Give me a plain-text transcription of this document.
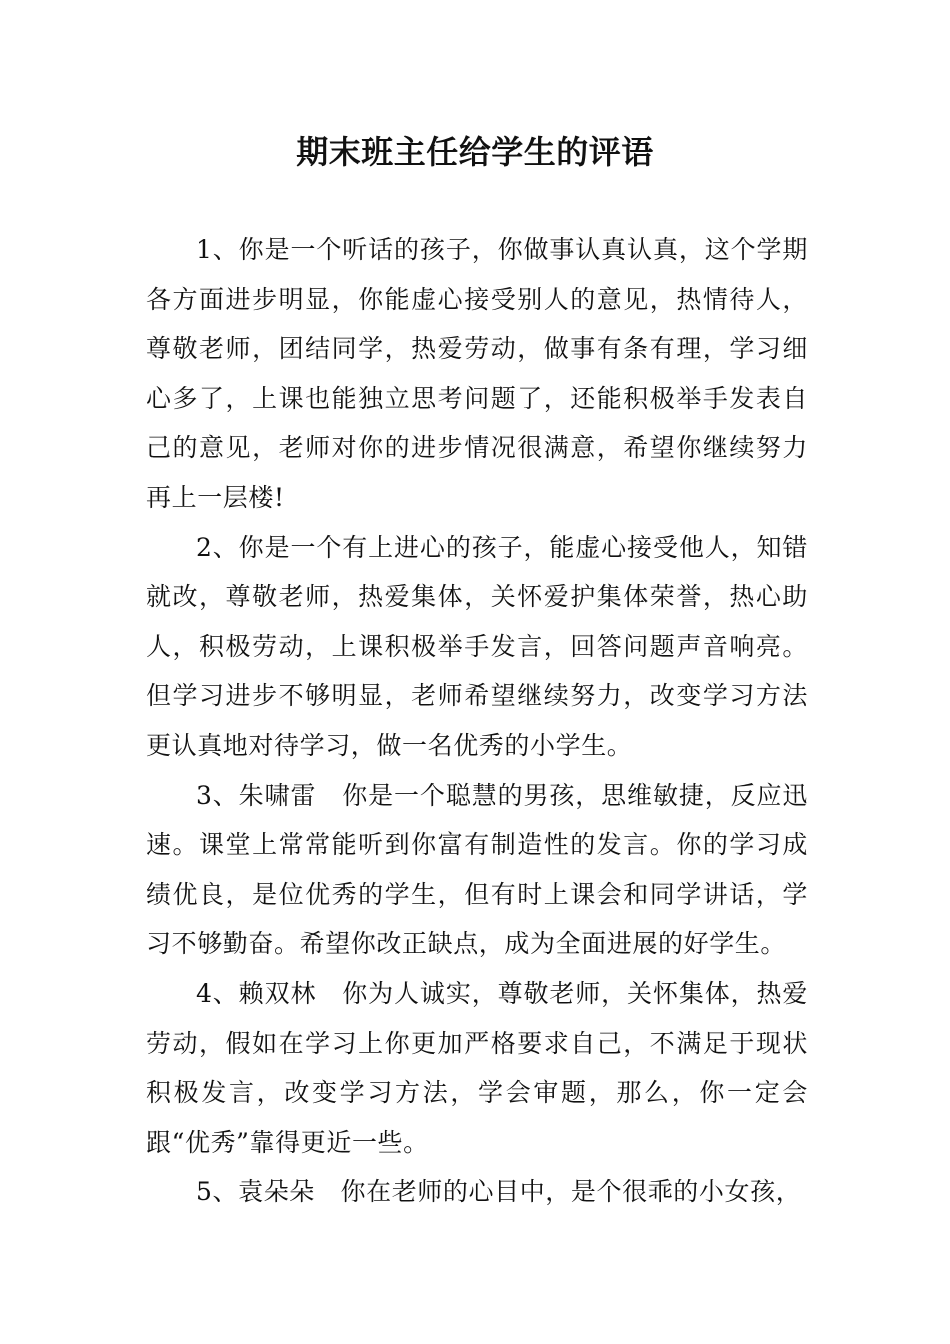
期末班主任给学生的评语

1、你是一个听话的孩子，你做事认真认真，这个学期各方面进步明显，你能虚心接受别人的意见，热情待人，尊敬老师，团结同学，热爱劳动，做事有条有理，学习细心多了，上课也能独立思考问题了，还能积极举手发表自己的意见，老师对你的进步情况很满意，希望你继续努力再上一层楼!

2、你是一个有上进心的孩子，能虚心接受他人，知错就改，尊敬老师，热爱集体，关怀爱护集体荣誉，热心助人，积极劳动，上课积极举手发言，回答问题声音响亮。但学习进步不够明显，老师希望继续努力，改变学习方法更认真地对待学习，做一名优秀的小学生。

3、朱啸雷　你是一个聪慧的男孩，思维敏捷，反应迅速。课堂上常常能听到你富有制造性的发言。你的学习成绩优良，是位优秀的学生，但有时上课会和同学讲话，学习不够勤奋。希望你改正缺点，成为全面进展的好学生。

4、赖双林　你为人诚实，尊敬老师，关怀集体，热爱劳动，假如在学习上你更加严格要求自己，不满足于现状积极发言，改变学习方法，学会审题，那么，你一定会跟“优秀”靠得更近一些。

5、袁朵朵　你在老师的心目中，是个很乖的小女孩，
